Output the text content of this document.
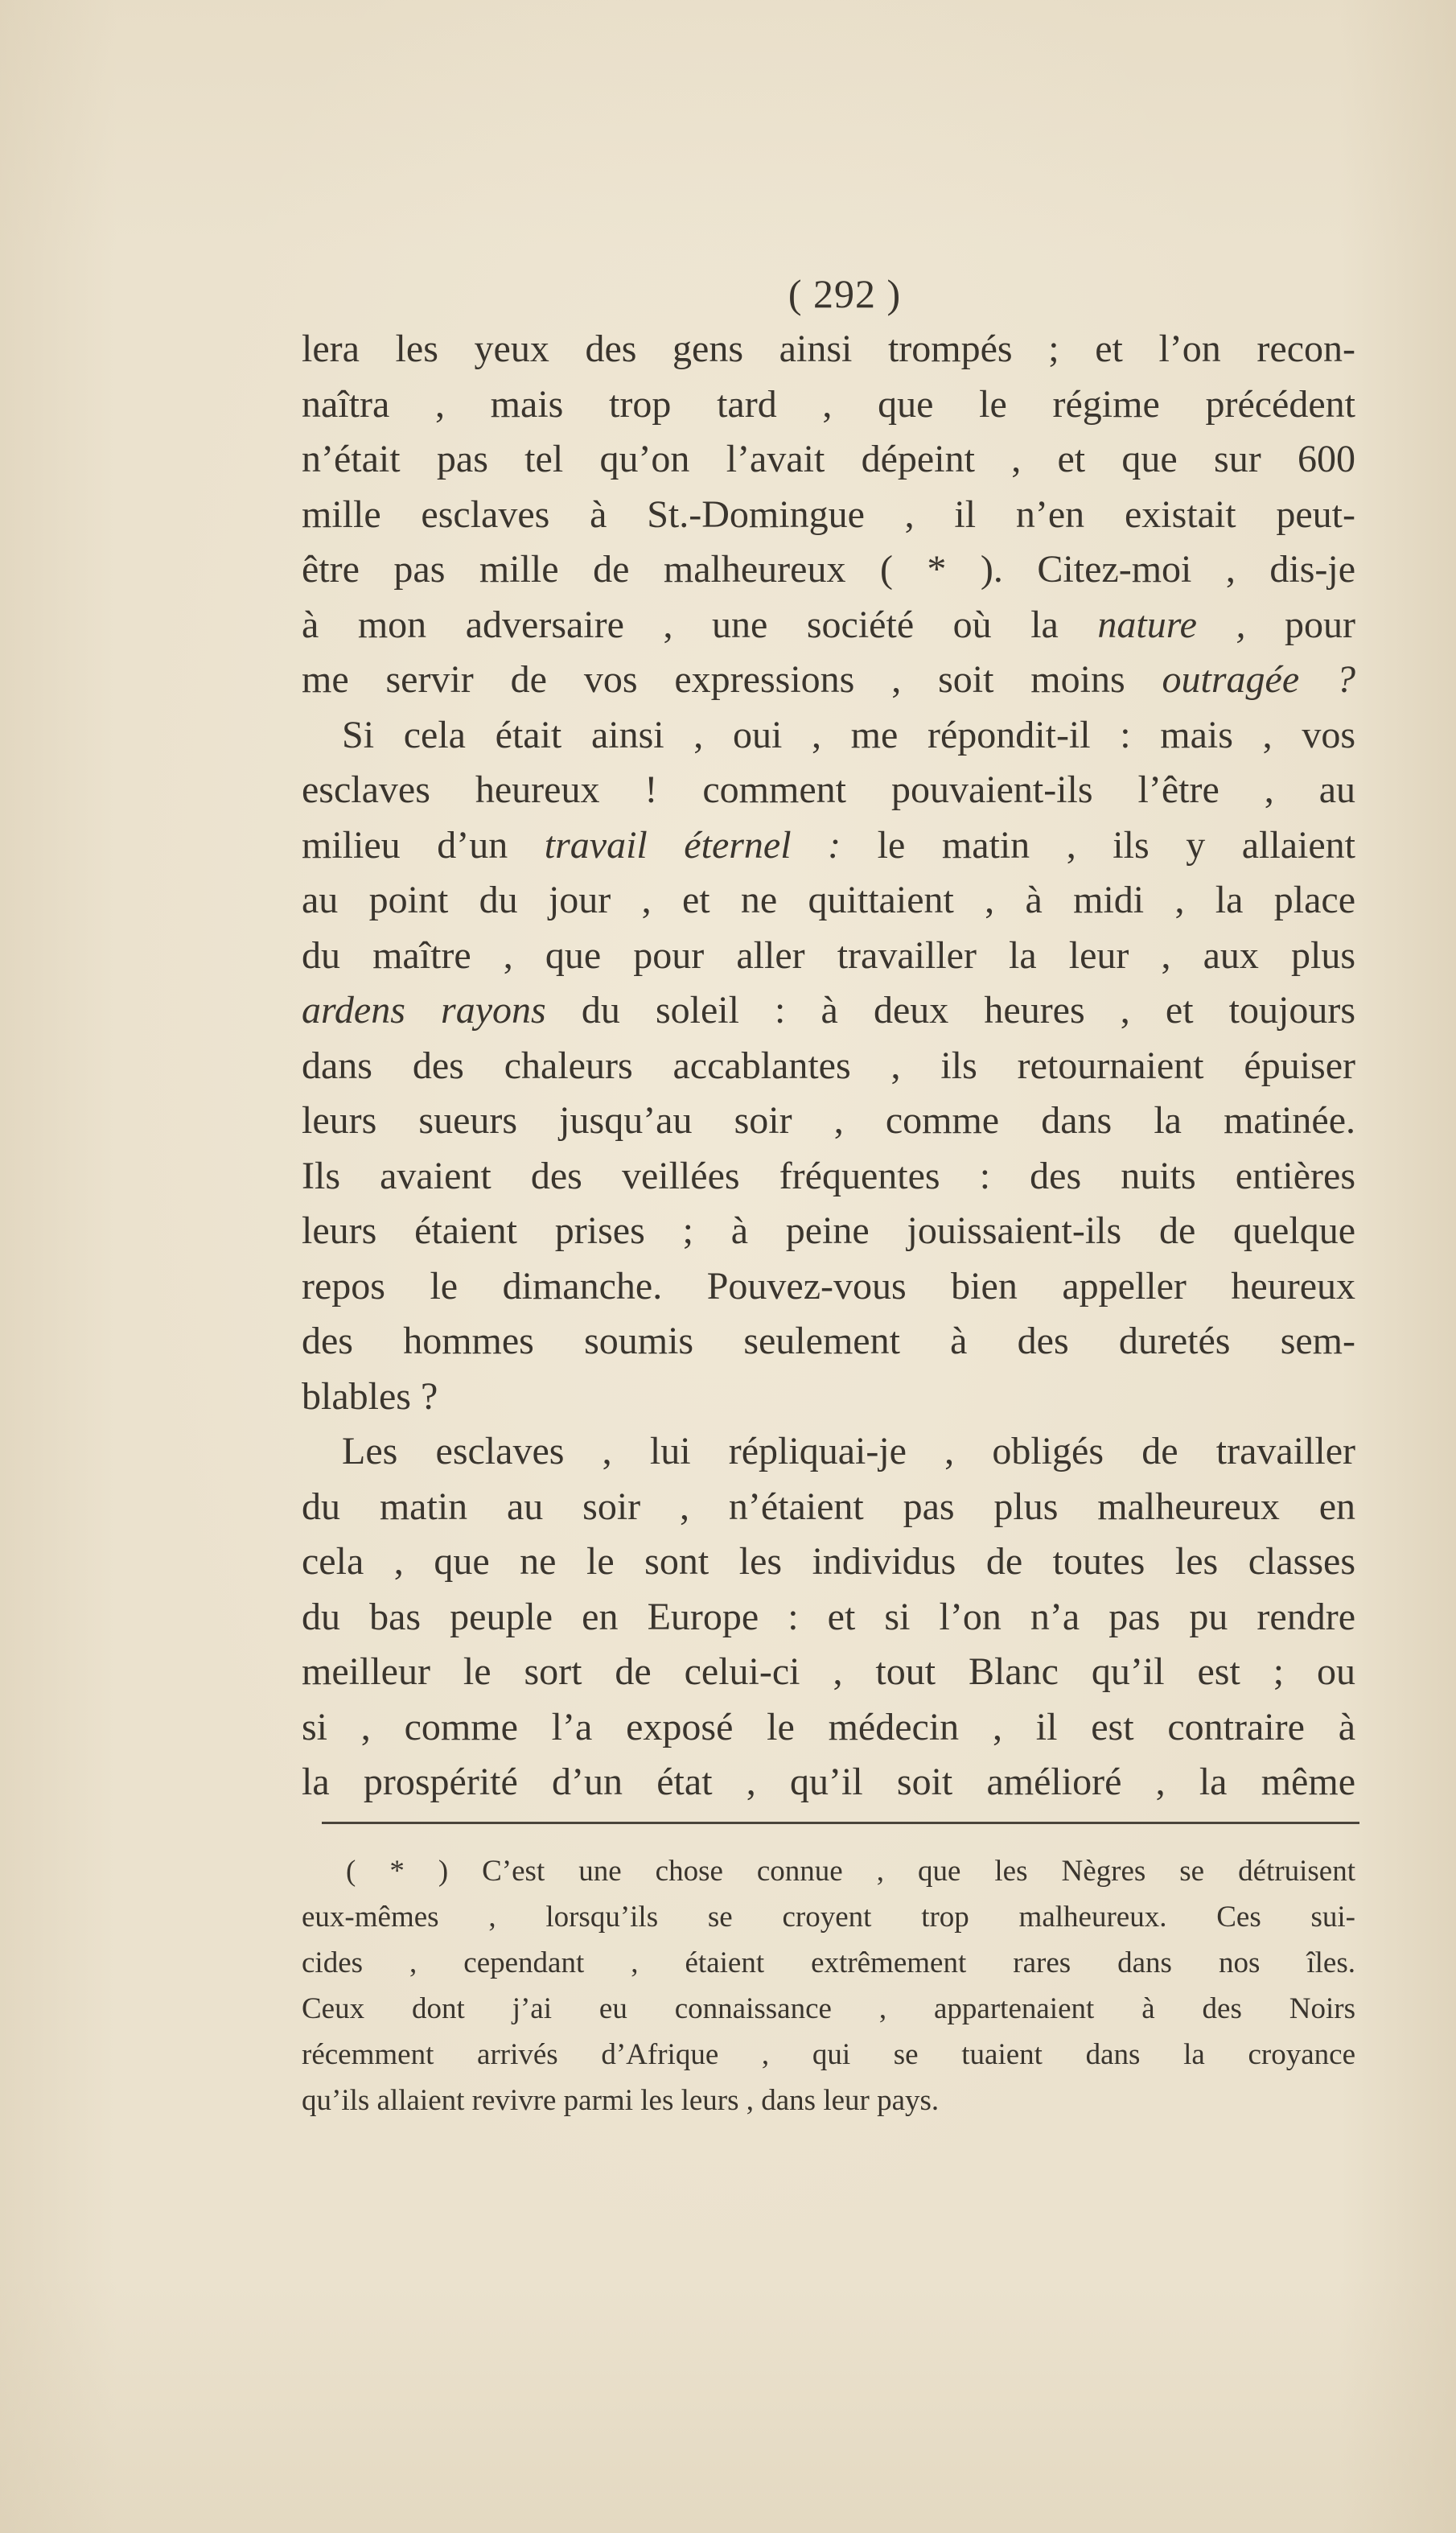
( 292 )
lera les yeux des gens ainsi trompés ; et l’on recon-
naîtra , mais trop tard , que le régime précédent
n’était pas tel qu’on l’avait dépeint , et que sur 600
mille esclaves à St.-Domingue , il n’en existait peut-
être pas mille de malheureux ( * ). Citez-moi , dis-je
à mon adversaire , une société où la nature , pour
me servir de vos expressions , soit moins outragée ?
Si cela était ainsi , oui , me répondit-il : mais , vos
esclaves heureux ! comment pouvaient-ils l’être , au
milieu d’un travail éternel : le matin , ils y allaient
au point du jour , et ne quittaient , à midi , la place
du maître , que pour aller travailler la leur , aux plus
ardens rayons du soleil : à deux heures , et toujours
dans des chaleurs accablantes , ils retournaient épuiser
leurs sueurs jusqu’au soir , comme dans la matinée.
Ils avaient des veillées fréquentes : des nuits entières
leurs étaient prises ; à peine jouissaient-ils de quelque
repos le dimanche. Pouvez-vous bien appeller heureux
des hommes soumis seulement à des duretés sem-
blables ?
Les esclaves , lui répliquai-je , obligés de travailler
du matin au soir , n’étaient pas plus malheureux en
cela , que ne le sont les individus de toutes les classes
du bas peuple en Europe : et si l’on n’a pas pu rendre
meilleur le sort de celui-ci , tout Blanc qu’il est ; ou
si , comme l’a exposé le médecin , il est contraire à
la prospérité d’un état , qu’il soit amélioré , la même
( * ) C’est une chose connue , que les Nègres se détruisent
eux-mêmes , lorsqu’ils se croyent trop malheureux. Ces sui-
cides , cependant , étaient extrêmement rares dans nos îles.
Ceux dont j’ai eu connaissance , appartenaient à des Noirs
récemment arrivés d’Afrique , qui se tuaient dans la croyance
qu’ils allaient revivre parmi les leurs , dans leur pays.
